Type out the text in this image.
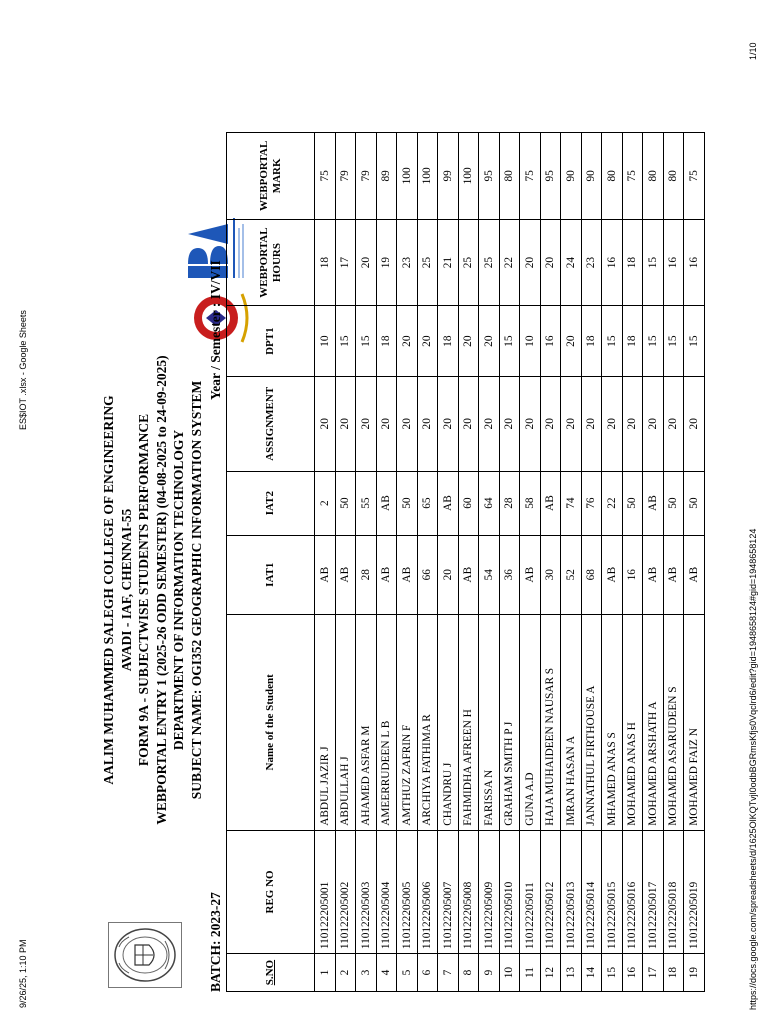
9/26/25, 1:10 PM
ES$IOT .xlsx - Google Sheets
https://docs.google.com/spreadsheets/d/1625OlKQTvjl0odbBGRmsKfjs0Vqclrd6/edit?gid=1948658124#gid=1948658124
1/10
AALIM MUHAMMED SALEGH COLLEGE OF ENGINEERING AVADI - IAF, CHENNAI-55 FORM 9A - SUBJECTWISE STUDENTS PERFORMANCE WEBPORTAL ENTRY 1 (2025-26 ODD SEMESTER) (04-08-2025 to 24-09-2025) DEPARTMENT OF INFORMATION TECHNOLOGY SUBJECT NAME: OGI352 GEOGRAPHIC INFORMATION SYSTEM
BATCH: 2023-27
Year / Semester : IV/VII
S.NO	REG NO	Name of the Student	IAT1	IAT2	ASSIGNMENT	DPT1	WEBPORTAL HOURS	WEBPORTAL MARK
1	110122205001	ABDUL JAZIR J	AB	2	20	10	18	75
2	110122205002	ABDULLAH J	AB	50	20	15	17	79
3	110122205003	AHAMED ASFAR M	28	55	20	15	20	79
4	110122205004	AMEERRUDEEN L B	AB	AB	20	18	19	89
5	110122205005	AMTHUZ ZAFRIN F	AB	50	20	20	23	100
6	110122205006	ARCHIYA FATHIMA R	66	65	20	20	25	100
7	110122205007	CHANDRU J	20	AB	20	18	21	99
8	110122205008	FAHMIDHA AFREEN H	AB	60	20	20	25	100
9	110122205009	FARISSA N	54	64	20	20	25	95
10	110122205010	GRAHAM SMITH P J	36	28	20	15	22	80
11	110122205011	GUNA A.D	AB	58	20	10	20	75
12	110122205012	HAJA MUHAIDEEN NAUSAR S	30	AB	20	16	20	95
13	110122205013	IMRAN HASAN A	52	74	20	20	24	90
14	110122205014	JANNATHUL FIRTHOUSE A	68	76	20	18	23	90
15	110122205015	MHAMED ANAS S	AB	22	20	15	16	80
16	110122205016	MOHAMED ANAS H	16	50	20	18	18	75
17	110122205017	MOHAMED ARSHATH A	AB	AB	20	15	15	80
18	110122205018	MOHAMED ASARUDEEN S	AB	50	20	15	16	80
19	110122205019	MOHAMED FAIZ N	AB	50	20	15	16	75
